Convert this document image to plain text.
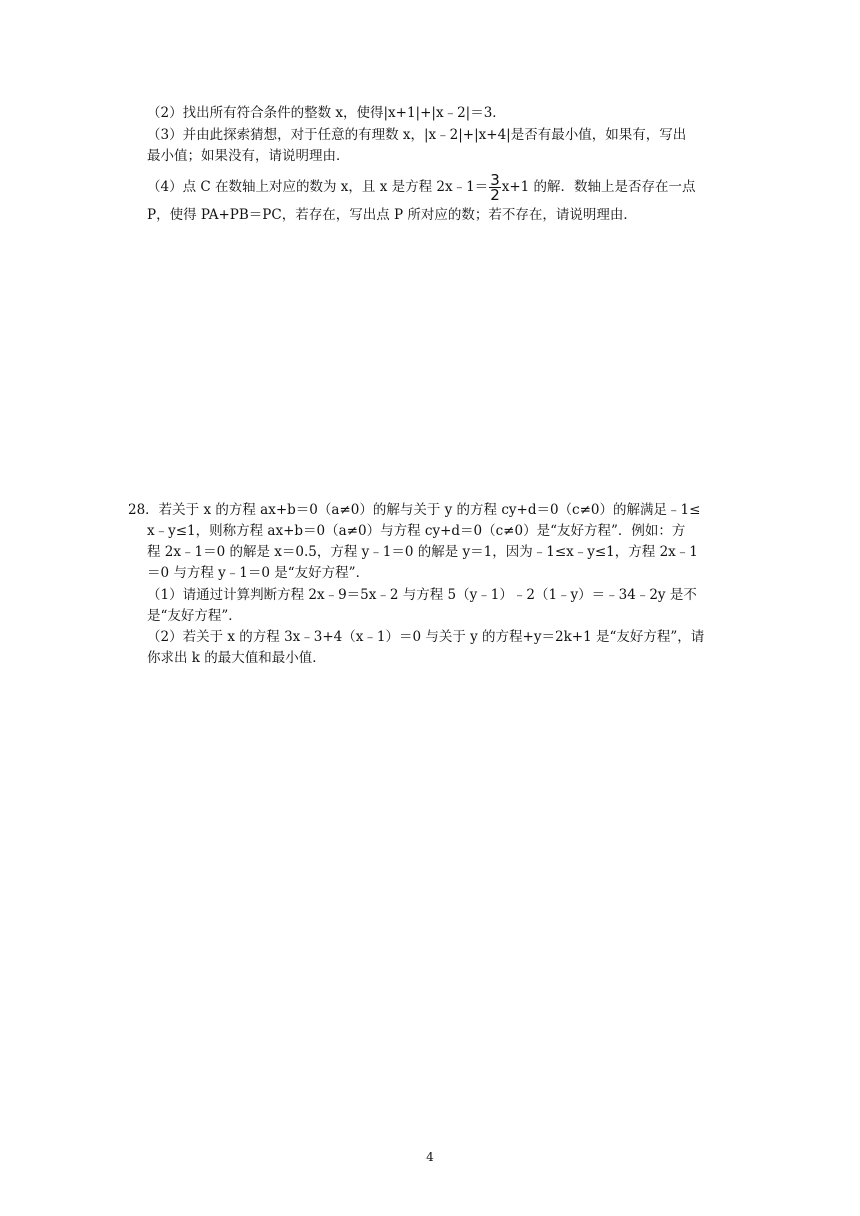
（2）找出所有符合条件的整数 x，使得|x+1|+|x﹣2|＝3．
（3）并由此探索猜想，对于任意的有理数 x，|x﹣2|+|x+4|是否有最小值，如果有，写出
最小值；如果没有，请说明理由．
（4）点 C 在数轴上对应的数为 x，且 x 是方程 2x﹣1＝ $\frac{3}{2} x+1$ 的解．数轴上是否存在一点
P，使得 PA+PB＝PC，若存在，写出点 P 所对应的数；若不存在，请说明理由．
28．若关于 x 的方程 ax+b＝0（a≠0）的解与关于 y 的方程 cy+d＝0（c≠0）的解满足﹣1≤
x﹣y≤1，则称方程 ax+b＝0（a≠0）与方程 cy+d＝0（c≠0）是“友好方程”．例如：方
程 2x﹣1＝0 的解是 x＝0.5，方程 y﹣1＝0 的解是 y＝1，因为﹣1≤x﹣y≤1，方程 2x﹣1
＝0 与方程 y﹣1＝0 是“友好方程”．
（1）请通过计算判断方程 2x﹣9＝5x﹣2 与方程 5（y﹣1）﹣2（1﹣y）＝﹣34﹣2y 是不
是“友好方程”．
（2）若关于 x 的方程 3x﹣3+4（x﹣1）＝0 与关于 y 的方程+y＝2k+1 是“友好方程”，请
你求出 k 的最大值和最小值．
4
